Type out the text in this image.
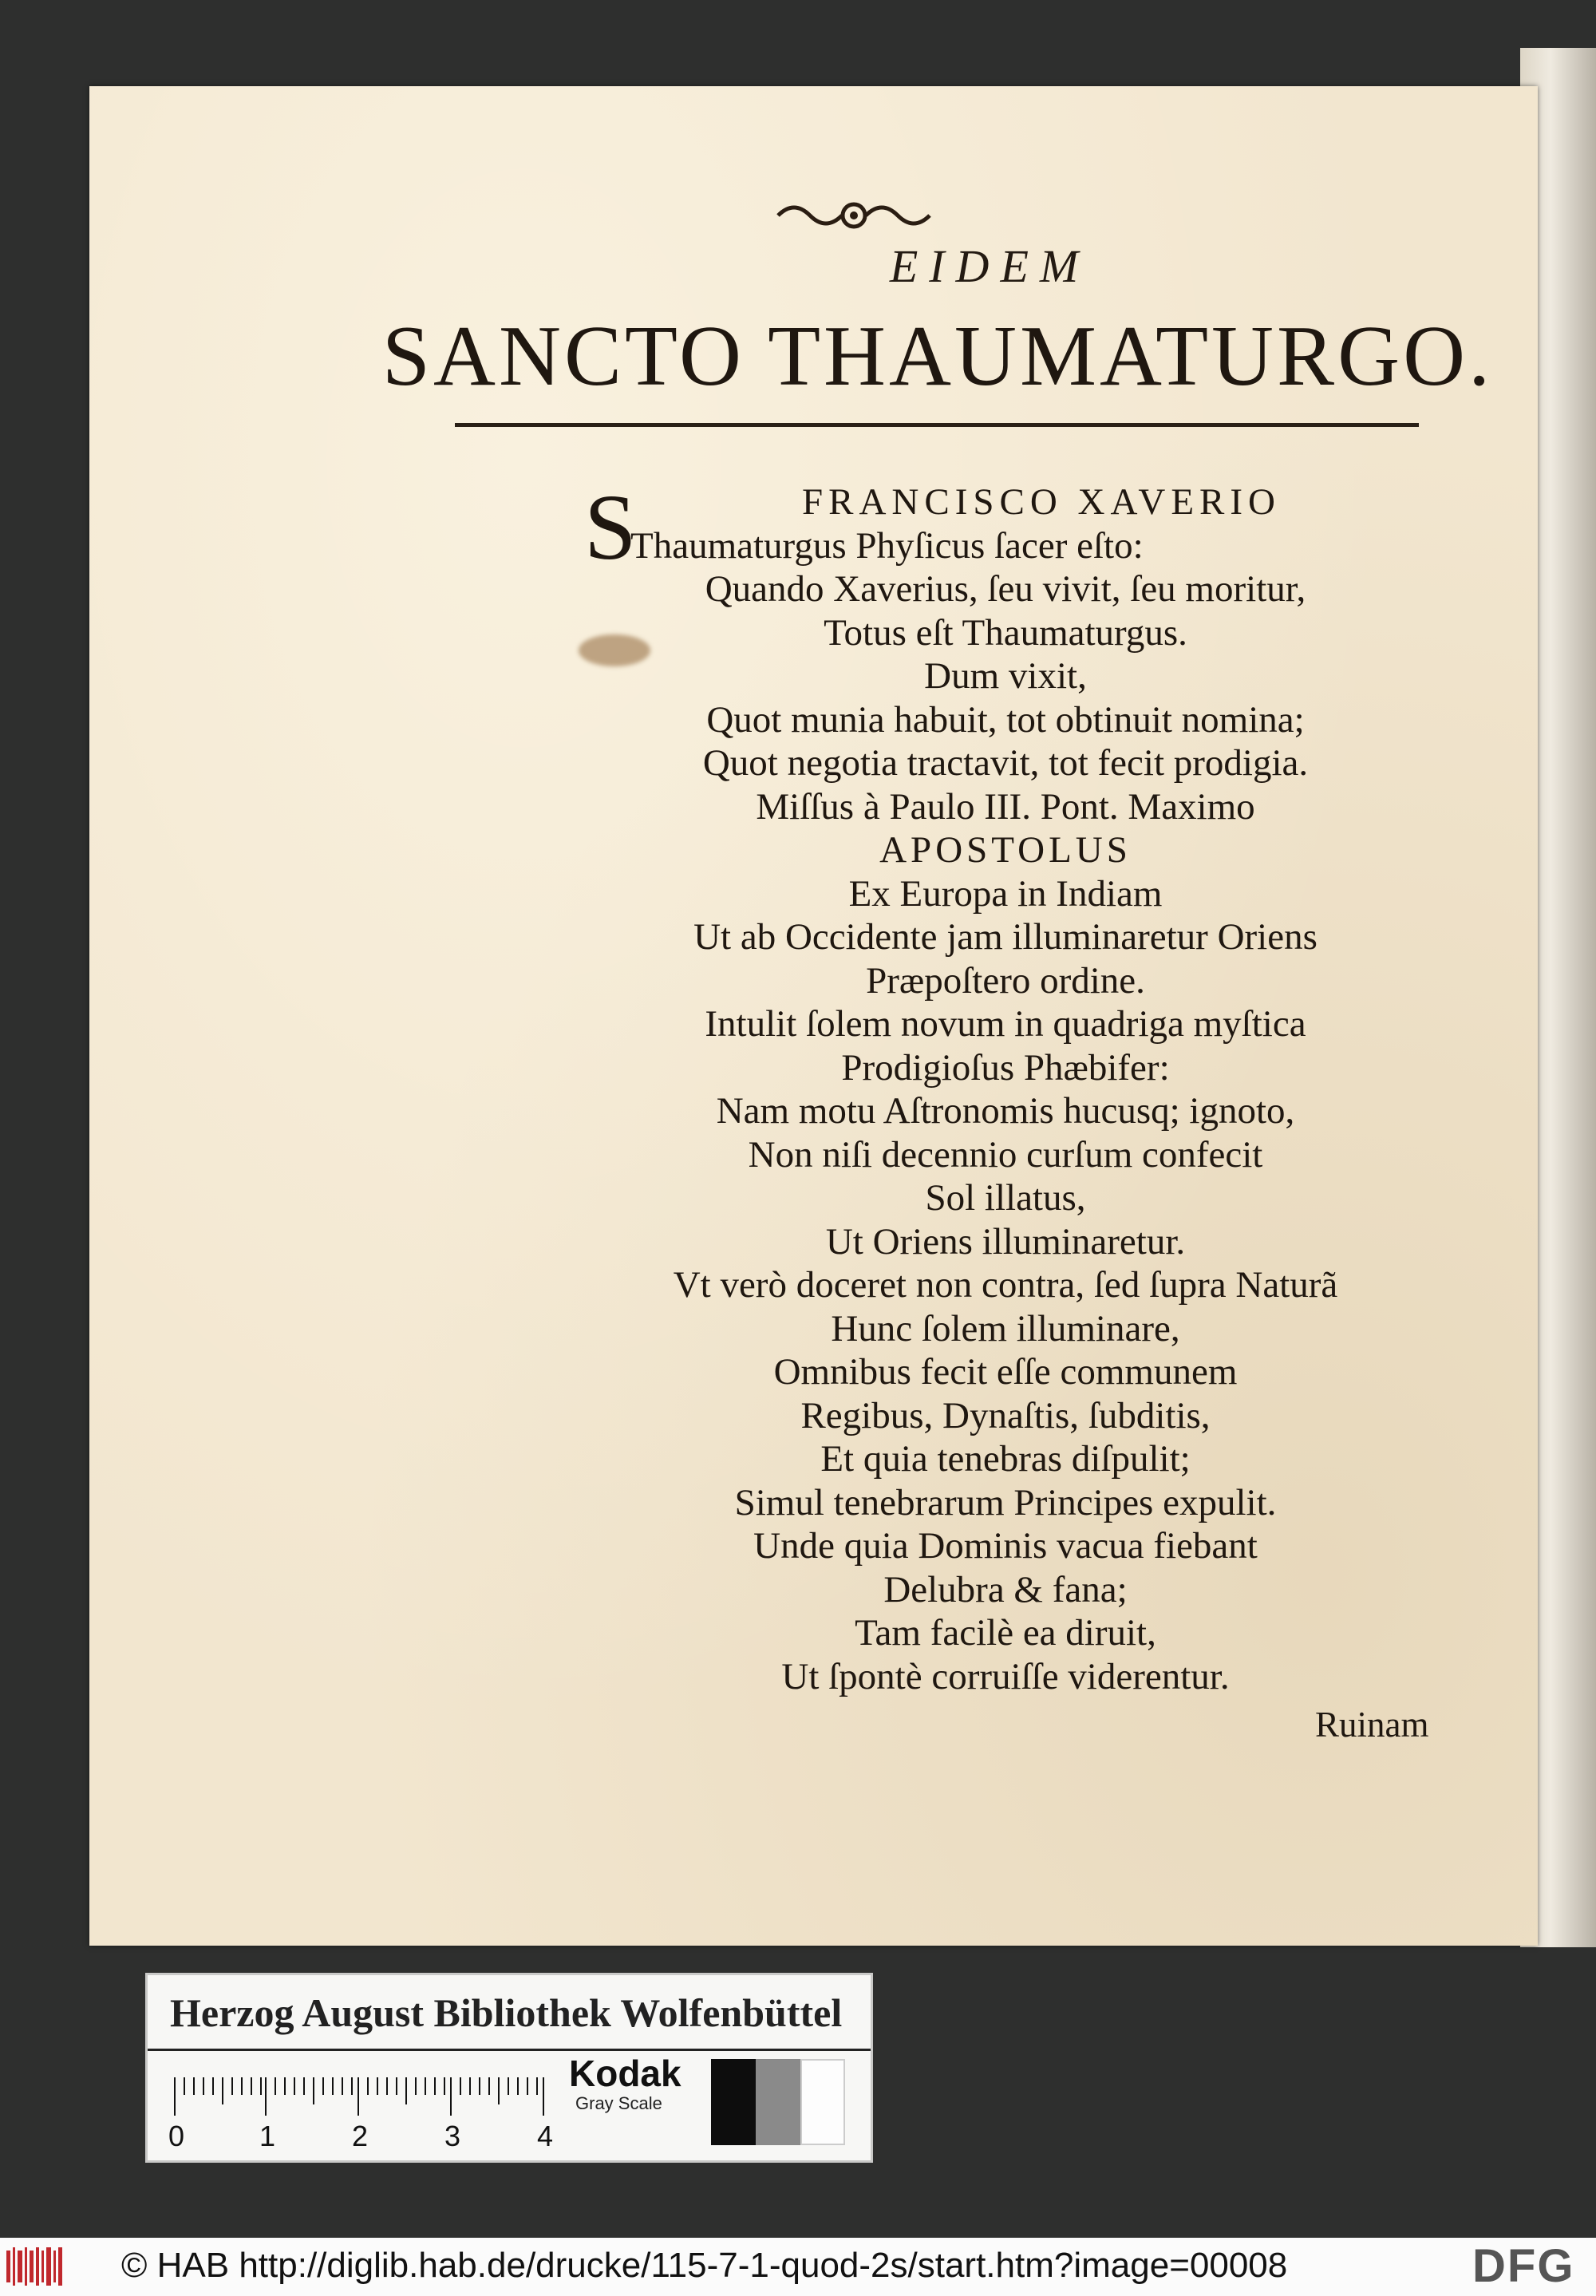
EIDEM
SANCTO THAUMATURGO.
S	FRANCISCO XAVERIO
Thaumaturgus Phyſicus ſacer eſto:
Quando Xaverius, ſeu vivit, ſeu moritur,
Totus eſt Thaumaturgus.
Dum vixit,
Quot munia habuit, tot obtinuit nomina;
Quot negotia tractavit, tot fecit prodigia.
Miſſus à Paulo III. Pont. Maximo
APOSTOLUS
Ex Europa in Indiam
Ut ab Occidente jam illuminaretur Oriens
Præpoſtero ordine.
Intulit ſolem novum in quadriga myſtica
Prodigioſus Phæbifer:
Nam motu Aſtronomis hucusq; ignoto,
Non niſi decennio curſum confecit
Sol illatus,
Ut Oriens illuminaretur.
Vt verò doceret non contra, ſed ſupra Naturã
Hunc ſolem illuminare,
Omnibus fecit eſſe communem
Regibus, Dynaſtis, ſubditis,
Et quia tenebras diſpulit;
Simul tenebrarum Principes expulit.
Unde quia Dominis vacua fiebant
Delubra & fana;
Tam facilè ea diruit,
Ut ſpontè corruiſſe viderentur.
Ruinam
Herzog August Bibliothek Wolfenbüttel
0	1	2	3	4
Kodak
Gray Scale
© HAB http://diglib.hab.de/drucke/115-7-1-quod-2s/start.htm?image=00008	DFG
